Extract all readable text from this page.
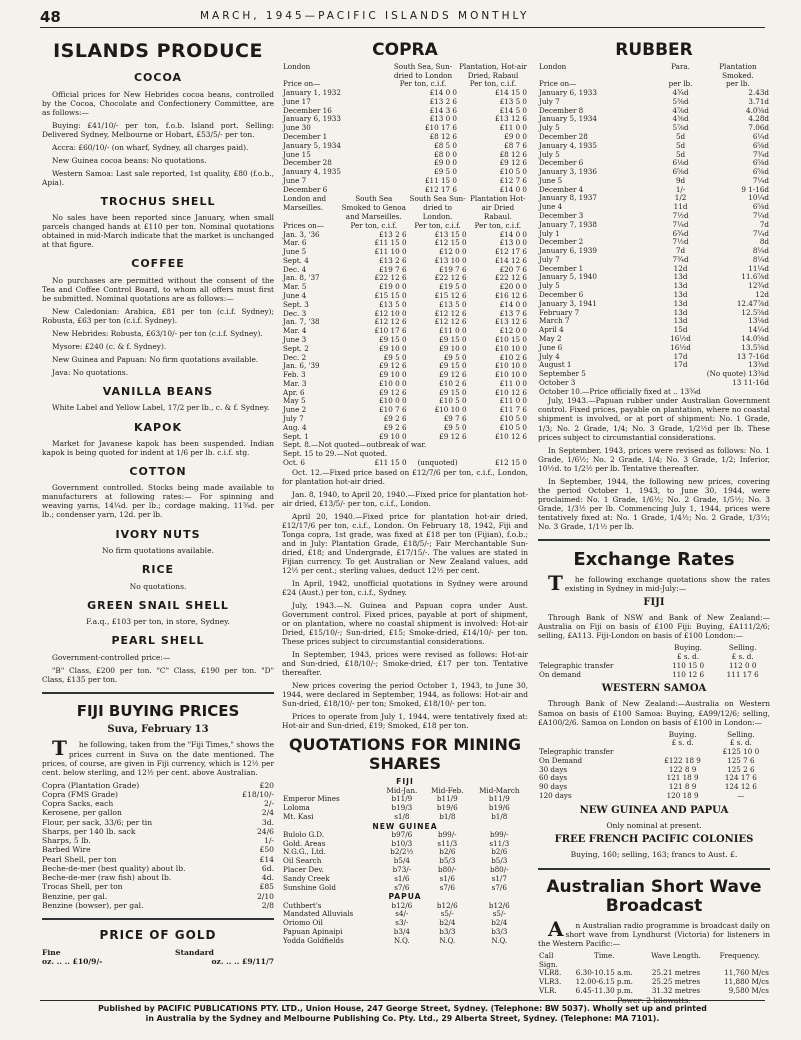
48	MARCH, 1945—PACIFIC ISLANDS MONTHLY
ISLANDS PRODUCE
COCOA

Official prices for New Hebrides cocoa beans, controlled by the Cocoa, Chocolate and Confectionery Committee, are as follows:—

Buying: £41/10/- per ton, f.o.b. Island port. Selling: Delivered Sydney, Melbourne or Hobart, £53/5/- per ton.

Accra: £60/10/- (on wharf, Sydney, all charges paid).

New Guinea cocoa beans: No quotations.

Western Samoa: Last sale reported, 1st quality, £80 (f.o.b., Apia).

TROCHUS SHELL

No sales have been reported since January, when small parcels changed hands at £110 per ton. Nominal quotations obtained in mid-March indicate that the market is unchanged at that figure.

COFFEE

No purchases are permitted without the consent of the Tea and Coffee Control Board, to whom all offers must first be submitted. Nominal quotations are as follows:—

New Caledonian: Arabica, £81 per ton (c.i.f. Sydney); Robusta, £63 per ton (c.i.f. Sydney).

New Hebrides: Robusta, £63/10/- per ton (c.i.f. Sydney).

Mysore: £240 (c. & f. Sydney).

New Guinea and Papuan: No firm quotations available.

Java: No quotations.

VANILLA BEANS

White Label and Yellow Label, 17/2 per lb., c. & f. Sydney.

KAPOK

Market for Javanese kapok has been suspended. Indian kapok is being quoted for indent at 1/6 per lb. c.i.f. stg.

COTTON

Government controlled. Stocks being made available to manufacturers at following rates:— For spinning and weaving yarns, 14¼d. per lb.; cordage making, 11¾d. per lb.; condenser yarn, 12d. per lb.

IVORY NUTS

No firm quotations available.

RICE

No quotations.

GREEN SNAIL SHELL

F.a.q., £103 per ton, in store, Sydney.

PEARL SHELL

Government-controlled price:—

"B" Class, £200 per ton. "C" Class, £190 per ton. "D" Class, £135 per ton.

FIJI BUYING PRICES
Suva, February 13

The following, taken from the "Fiji Times," shows the prices current in Suva on the date mentioned. The prices, of course, are given in Fiji currency, which is 12½ per cent. below sterling, and 12½ per cent. above Australian.

Copra (Plantation Grade)	£20
Copra (FMS Grade)	£18/10/-
Copra Sacks, each	2/-
Kerosene, per gallon	2/4
Flour, per sack, 33/6; per tin	3d.
Sharps, per 140 lb. sack	24/6
Sharps, 5 lb.	1/-
Barbed Wire	£50
Pearl Shell, per ton	£14
Beche-de-mer (best quality) about lb.	6d.
Beche-de-mer (raw fish) about lb.	4d.
Trocas Shell, per ton	£85
Benzine, per gal.	2/10
Benzine (bowser), per gal.	2/8
PRICE OF GOLD
Fine	Standard
oz. .. .. £10/9/-	oz. .. .. £9/11/7
COPRA
London	South Sea, Sun-dried to London	Plantation, Hot-air Dried, Rabaul
Price on—	Per ton, c.i.f.	Per ton, c.i.f.
January 1, 1932	£14 0 0	£14 15 0
June 17	£13 2 6	£13 5 0
December 16	£14 3 6	£14 5 0
January 6, 1933	£13 0 0	£13 12 6
June 30	£10 17 6	£11 0 0
December 1	£8 12 6	£9 0 0
January 5, 1934	£8 5 0	£8 7 6
June 15	£8 0 0	£8 12 6
December 28	£9 0 0	£9 12 6
January 4, 1935	£9 5 0	£10 5 0
June 7	£11 15 0	£12 7 6
December 6	£12 17 6	£14 0 0
London and Marseilles.	South Sea Smoked to Genoa and Marseilles.	South Sea Sun-dried to London.	Plantation Hot-air Dried Rabaul.
Prices on—	Per ton, c.i.f.	Per ton, c.i.f.	Per ton, c.i.f.
Jan. 3, '36	£13 2 6	£13 15 0	£14 0 0
Mar. 6	£11 15 0	£12 15 0	£13 0 0
June 5	£11 10 0	£12 0 0	£12 17 6
Sept. 4	£13 2 6	£13 10 0	£14 12 6
Dec. 4	£19 7 6	£19 7 6	£20 7 6
Jan. 8, '37	£22 12 6	£22 12 6	£22 12 6
Mar. 5	£19 0 0	£19 5 0	£20 0 0
June 4	£15 15 0	£15 12 6	£16 12 6
Sept. 3	£13 5 0	£13 5 0	£14 0 0
Dec. 3	£12 10 0	£12 12 6	£13 7 6
Jan. 7, '38	£12 12 6	£12 12 6	£13 12 6
Mar. 4	£10 17 6	£11 0 0	£12 0 0
June 3	£9 15 0	£9 15 0	£10 15 0
Sept. 2	£9 10 0	£9 10 0	£10 10 0
Dec. 2	£9 5 0	£9 5 0	£10 2 6
Jan. 6, '39	£9 12 6	£9 15 0	£10 10 0
Feb. 3	£9 10 0	£9 12 6	£10 10 0
Mar. 3	£10 0 0	£10 2 6	£11 0 0
Apr. 6	£9 12 6	£9 15 0	£10 12 6
May 5	£10 0 0	£10 5 0	£11 0 0
June 2	£10 7 6	£10 10 0	£11 7 6
July 7	£9 2 6	£9 7 6	£10 5 0
Aug. 4	£9 2 6	£9 5 0	£10 5 0
Sept. 1	£9 10 0	£9 12 6	£10 12 6
Sept. 8.—Not quoted—outbreak of war.			
Sept. 15 to 29.—Not quoted.			
Oct. 6	£11 15 0	(unquoted)	£12 15 0

Oct. 12.—Fixed price based on £12/7/6 per ton, c.i.f., London, for plantation hot-air dried.

Jan. 8, 1940, to April 20, 1940.—Fixed price for plantation hot-air dried, £13/5/- per ton, c.i.f., London.

April 20, 1940.—Fixed price for plantation hot-air dried, £12/17/6 per ton, c.i.f., London. On February 18, 1942, Fiji and Tonga copra, 1st grade, was fixed at £18 per ton (Fijian), f.o.b.; and in July: Plantation Grade, £18/5/-; Fair Merchantable Sun-dried, £18; and Undergrade, £17/15/-. The values are stated in Fijian currency. To get Australian or New Zealand values, add 12½ per cent.; sterling values, deduct 12½ per cent.

In April, 1942, unofficial quotations in Sydney were around £24 (Aust.) per ton, c.i.f., Sydney.

July, 1943.—N. Guinea and Papuan copra under Aust. Government control. Fixed prices, payable at port of shipment, or on plantation, where no coastal shipment is involved: Hot-air Dried, £15/10/-; Sun-dried, £15; Smoke-dried, £14/10/- per ton. These prices subject to circumstantial considerations.

In September, 1943, prices were revised as follows: Hot-air and Sun-dried, £18/10/-; Smoke-dried, £17 per ton. Tentative thereafter.

New prices covering the period October 1, 1943, to June 30, 1944, were declared in September, 1944, as follows: Hot-air and Sun-dried, £18/10/- per ton; Smoked, £18/10/- per ton.

Prices to operate from July 1, 1944, were tentatively fixed at: Hot-air and Sun-dried, £19; Smoked, £18 per ton.

QUOTATIONS FOR MINING SHARES
FIJI			
	Mid-Jan.	Mid-Feb.	Mid-March
Emperor Mines	b11/9	b11/9	b11/9
Loloma	b19/3	b19/6	b19/6
Mt. Kasi	s1/8	b1/8	b1/8
NEW GUINEA			
Bulolo G.D.	b97/6	b99/-	b99/-
Gold. Areas	b10/3	s11/3	s11/3
N.G.G., Ltd.	b2/2½	b2/6	b2/6
Oil Search	b5/4	b5/3	b5/3
Placer Dev.	b73/-	b80/-	b80/-
Sandy Creek	s1/6	s1/6	s1/7
Sunshine Gold	s7/6	s7/6	s7/6
PAPUA			
Cuthbert's	b12/6	b12/6	b12/6
Mandated Alluvials	s4/-	s5/-	s5/-
Oriomo Oil	s3/-	b2/4	b2/4
Papuan Apinaipi	b3/4	b3/3	b3/3
Yodda Goldfields	N.Q.	N.Q.	N.Q.
RUBBER
London	Para.	Plantation Smoked.
Price on—	per lb.	per lb.
January 6, 1933	4¾d	2.43d
July 7	5⅜d	3.71d
December 8	4⅞d	4.0⅝d
January 5, 1934	4⅜d	4.28d
July 5	5⅞d	7.06d
December 28	5d	6¼d
January 4, 1935	5d	6⅝d
July 5	5d	7¾d
December 6	6⅛d	6⅝d
January 3, 1936	6⅝d	6⅝d
June 5	9d	7¼d
December 4	1/-	9 1-16d
January 8, 1937	1/2	10¼d
June 4	11d	6⅝d
December 3	7½d	7¼d
January 7, 1938	7¼d	7d
July 1	6¾d	7¼d
December 2	7½d	8d
January 6, 1939	7d	8¼d
July 7	7¾d	8¼d
December 1	12d	11¼d
January 5, 1940	13d	11.6⅞d
July 5	13d	12¾d
December 6	13d	12d
January 3, 1941	13d	12.47⅞d
February 7	13d	12.5⅝d
March 7	13d	13⅛d
April 4	15d	14¼d
May 2	16½d	14.0⅝d
June 6	16½d	13.5⅝d
July 4	17d	13 7-16d
August 1	17d	13⅜d
September 5		(No quote) 13⅜d
October 3		13 11-16d
October 10.—Price officially fixed at .. 13¾d		

July, 1943.—Papuan rubber under Australian Government control. Fixed prices, payable on plantation, where no coastal shipment is involved, or at port of shipment: No. 1 Grade, 1/3; No. 2 Grade, 1/4; No. 3 Grade, 1/2½d per lb. These prices subject to circumstantial considerations.

In September, 1943, prices were revised as follows: No. 1 Grade, 1/6½; No. 2 Grade, 1/4; No. 3 Grade, 1/2; Inferior, 10½d. to 1/2½ per lb. Tentative thereafter.

In September, 1944, the following new prices, covering the period October 1, 1943, to June 30, 1944, were proclaimed: No. 1 Grade, 1/6½; No. 2 Grade, 1/5½; No. 3 Grade, 1/3½ per lb. Commencing July 1, 1944, prices were tentatively fixed at: No. 1 Grade, 1/4½; No. 2 Grade, 1/3½; No. 3 Grade, 1/1½ per lb.

Exchange Rates

The following exchange quotations show the rates existing in Sydney in mid-July:—

FIJI

Through Bank of NSW and Bank of New Zealand:—Australia on Fiji on basis of £100 Fiji: Buying, £A111/2/6; selling, £A113. Fiji-London on basis of £100 London:—

	Buying.	Selling.
	£ s. d.	£ s. d.
Telegraphic transfer	110 15 0	112 0 0
On demand	110 12 6	111 17 6
WESTERN SAMOA

Through Bank of New Zealand:—Australia on Western Samoa on basis of £100 Samoa: Buying, £A99/12/6; selling, £A100/2/6. Samoa on London on basis of £100 in London:—

	Buying.	Selling.
	£ s. d.	£ s. d.
Telegraphic transfer		£125 10 0
On Demand	£122 18 9	125 7 6
30 days	122 8 9	125 2 6
60 days	121 18 9	124 17 6
90 days	121 8 9	124 12 6
120 days	120 18 9	—
NEW GUINEA AND PAPUA

Only nominal at present.

FREE FRENCH PACIFIC COLONIES

Buying, 160; selling, 163; francs to Aust. £.

Australian Short Wave Broadcast

An Australian radio programme is broadcast daily on short wave from Lyndhurst (Victoria) for listeners in the Western Pacific:—

Call Sign.	Time.	Wave Length.	Frequency.
VLR8.	6.30-10.15 a.m.	25.21 metres	11,760 M/cs
VLR3.	12.00-6.15 p.m.	25.25 metres	11,880 M/cs
VLR.	6.45-11.30 p.m.	31.32 metres	9,580 M/cs

Power: 2 kilowatts.

Published by PACIFIC PUBLICATIONS PTY. LTD., Union House, 247 George Street, Sydney. (Telephone: BW 5037). Wholly set up and printed
in Australia by the Sydney and Melbourne Publishing Co. Pty. Ltd., 29 Alberta Street, Sydney. (Telephone: MA 7101).
